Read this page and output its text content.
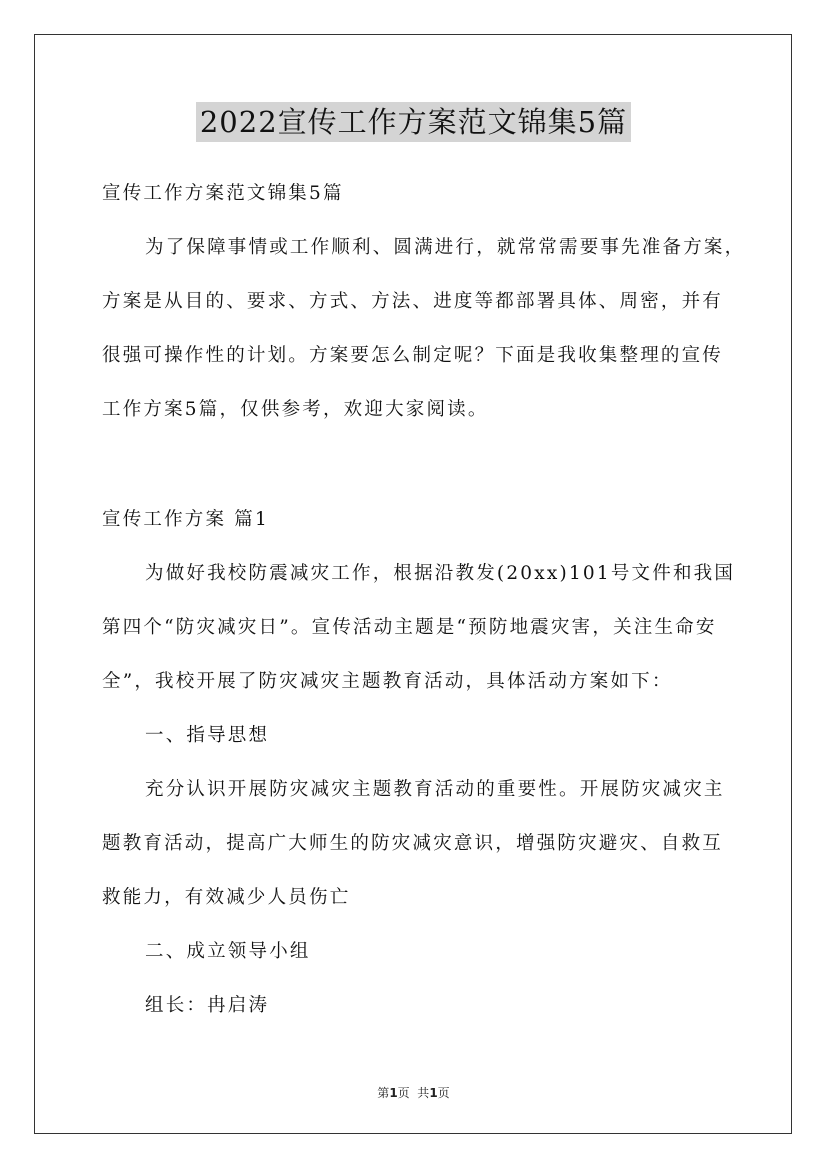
2022宣传工作方案范文锦集5篇
宣传工作方案范文锦集5篇
为了保障事情或工作顺利、圆满进行，就常常需要事先准备方案，
方案是从目的、要求、方式、方法、进度等都部署具体、周密，并有
很强可操作性的计划。方案要怎么制定呢？下面是我收集整理的宣传
工作方案5篇，仅供参考，欢迎大家阅读。
宣传工作方案 篇1
为做好我校防震减灾工作，根据沿教发(20xx)101号文件和我国
第四个“防灾减灾日”。宣传活动主题是“预防地震灾害，关注生命安
全”，我校开展了防灾减灾主题教育活动，具体活动方案如下：
一、指导思想
充分认识开展防灾减灾主题教育活动的重要性。开展防灾减灾主
题教育活动，提高广大师生的防灾减灾意识，增强防灾避灾、自救互
救能力，有效减少人员伤亡
二、成立领导小组
组长：冉启涛
第1页  共1页
